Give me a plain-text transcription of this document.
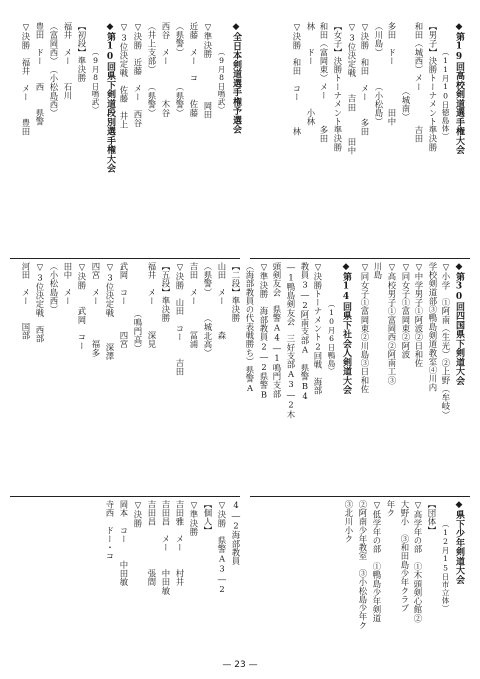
◆第19回高校剣道選手権大会
（11月10日徳島体）
【男子】決勝トーナメント準決勝
和田（城西）メー　　　　吉田
　　　　　　　　（城南）
多田　ドー　　　　　田中
（川島）　　　　（小松島）
▽決勝　和田　メー　　多田
▽3位決定戦　　吉田　　　田中
【女子】決勝トーナメント準決勝
和田（富岡東）メー　　　多田
林　　ドー　　　　　小林
▽決勝　和田　コー　　　林
◆第30回四国県下剣道大会
▽小学　①阿南（生光）②上野（牟岐）
学校剣道部③鴨島剣道教室④川内
▽中学男子①阿波②日和佐
▽同女子①富岡東②阿波
▽高校男子①富岡西②阿南工③
川島
▽同女子①富岡東②川島③日和佐
◆第14回県下社会人剣道大会
（10月6日鴨島）
▽決勝トーナメント2回戦　海部
教員3―2阿南支部A　県警B4
―1鴨島剣友会　三好支部A3―2木
頭剣友会　県警A4―1鳴門支部
▽準決勝　海部教員2―2県警B
（海部教員の代表戦勝ち）県警A
◆県下少年剣道大会
（12月15日市立体）
【団体】
▽高学年の部　①木頭剣心館②
大野小　③和田島少年クラブ
年ク
▽低学年の部　①鴨島少年剣道
②阿南少年教室　③小松島少年ク
③北川小ク
◆全日本剣道選手権予選会
（9月8日鳴武）
▽準決勝　　　　　岡田
近藤　メー　コ　　佐藤
（県警）　　　　（県警）
西谷　メー　　　　木谷
（井上支部）　　（県警）
▽決勝　近藤　メー　西谷
▽3位決定戦　佐藤　井上
◆第10回県下剣道段別選手権大会
（9月8日鳴武）
【初段】準決勝
福井　メー　　石川
（富岡西）　（小松島西）
豊田　ドー　　西　　県警
▽決勝　福井　メー　　豊田
【二段】準決勝
山田　メー　　　森
（県警）　　　（城北高）
吉田　メー　　　冨浦
▽決勝　山田　コー　　吉田
【五段】準決勝
福井　メー　　　深見
　　　　　　（鳴門高）
武岡　コー　　　四宮
▽3位決定戦　　　深澤
四宮　メー　　　　福多
▽決勝　　武岡　コー
田中　メー
（小松島西）
▽3位決定戦　西部
河田　メー　　国部
4―2海部教員
▽決勝　県警A3―2
【個人】
▽準決勝
吉田雅　メー　　村井
吉田昌　メー　　中田敏
吉田昌　　　　　張間
▽決勝
岡本　コー　　中田敏
寺西　ドー・コ
— 23 —
